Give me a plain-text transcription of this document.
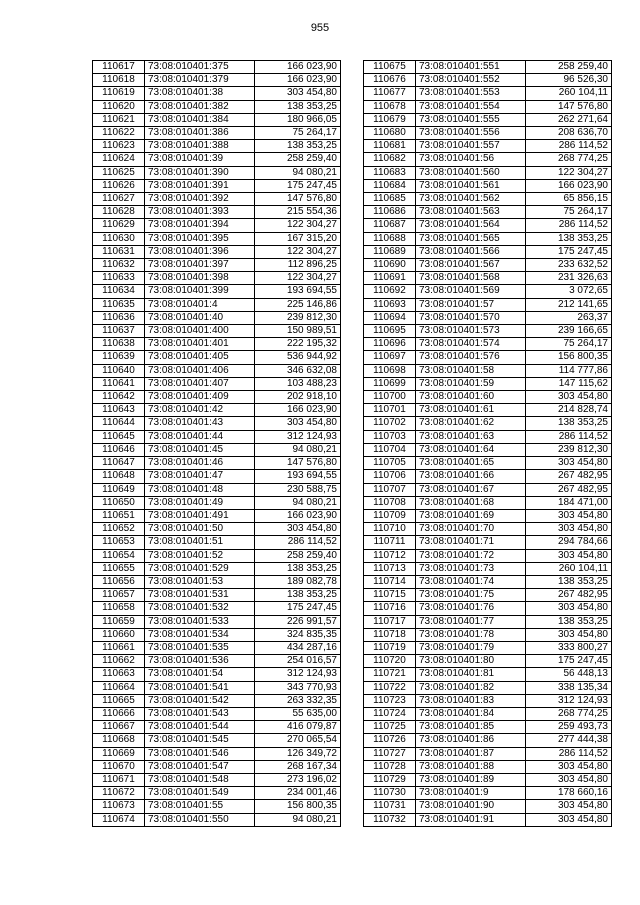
955
110617	73:08:010401:375	166 023,90
110618	73:08:010401:379	166 023,90
110619	73:08:010401:38	303 454,80
110620	73:08:010401:382	138 353,25
110621	73:08:010401:384	180 966,05
110622	73:08:010401:386	75 264,17
110623	73:08:010401:388	138 353,25
110624	73:08:010401:39	258 259,40
110625	73:08:010401:390	94 080,21
110626	73:08:010401:391	175 247,45
110627	73:08:010401:392	147 576,80
110628	73:08:010401:393	215 554,36
110629	73:08:010401:394	122 304,27
110630	73:08:010401:395	167 315,20
110631	73:08:010401:396	122 304,27
110632	73:08:010401:397	112 896,25
110633	73:08:010401:398	122 304,27
110634	73:08:010401:399	193 694,55
110635	73:08:010401:4	225 146,86
110636	73:08:010401:40	239 812,30
110637	73:08:010401:400	150 989,51
110638	73:08:010401:401	222 195,32
110639	73:08:010401:405	536 944,92
110640	73:08:010401:406	346 632,08
110641	73:08:010401:407	103 488,23
110642	73:08:010401:409	202 918,10
110643	73:08:010401:42	166 023,90
110644	73:08:010401:43	303 454,80
110645	73:08:010401:44	312 124,93
110646	73:08:010401:45	94 080,21
110647	73:08:010401:46	147 576,80
110648	73:08:010401:47	193 694,55
110649	73:08:010401:48	230 588,75
110650	73:08:010401:49	94 080,21
110651	73:08:010401:491	166 023,90
110652	73:08:010401:50	303 454,80
110653	73:08:010401:51	286 114,52
110654	73:08:010401:52	258 259,40
110655	73:08:010401:529	138 353,25
110656	73:08:010401:53	189 082,78
110657	73:08:010401:531	138 353,25
110658	73:08:010401:532	175 247,45
110659	73:08:010401:533	226 991,57
110660	73:08:010401:534	324 835,35
110661	73:08:010401:535	434 287,16
110662	73:08:010401:536	254 016,57
110663	73:08:010401:54	312 124,93
110664	73:08:010401:541	343 770,93
110665	73:08:010401:542	263 332,35
110666	73:08:010401:543	55 635,00
110667	73:08:010401:544	416 079,87
110668	73:08:010401:545	270 065,54
110669	73:08:010401:546	126 349,72
110670	73:08:010401:547	268 167,34
110671	73:08:010401:548	273 196,02
110672	73:08:010401:549	234 001,46
110673	73:08:010401:55	156 800,35
110674	73:08:010401:550	94 080,21
110675	73:08:010401:551	258 259,40
110676	73:08:010401:552	96 526,30
110677	73:08:010401:553	260 104,11
110678	73:08:010401:554	147 576,80
110679	73:08:010401:555	262 271,64
110680	73:08:010401:556	208 636,70
110681	73:08:010401:557	286 114,52
110682	73:08:010401:56	268 774,25
110683	73:08:010401:560	122 304,27
110684	73:08:010401:561	166 023,90
110685	73:08:010401:562	65 856,15
110686	73:08:010401:563	75 264,17
110687	73:08:010401:564	286 114,52
110688	73:08:010401:565	138 353,25
110689	73:08:010401:566	175 247,45
110690	73:08:010401:567	233 632,52
110691	73:08:010401:568	231 326,63
110692	73:08:010401:569	3 072,65
110693	73:08:010401:57	212 141,65
110694	73:08:010401:570	263,37
110695	73:08:010401:573	239 166,65
110696	73:08:010401:574	75 264,17
110697	73:08:010401:576	156 800,35
110698	73:08:010401:58	114 777,86
110699	73:08:010401:59	147 115,62
110700	73:08:010401:60	303 454,80
110701	73:08:010401:61	214 828,74
110702	73:08:010401:62	138 353,25
110703	73:08:010401:63	286 114,52
110704	73:08:010401:64	239 812,30
110705	73:08:010401:65	303 454,80
110706	73:08:010401:66	267 482,95
110707	73:08:010401:67	267 482,95
110708	73:08:010401:68	184 471,00
110709	73:08:010401:69	303 454,80
110710	73:08:010401:70	303 454,80
110711	73:08:010401:71	294 784,66
110712	73:08:010401:72	303 454,80
110713	73:08:010401:73	260 104,11
110714	73:08:010401:74	138 353,25
110715	73:08:010401:75	267 482,95
110716	73:08:010401:76	303 454,80
110717	73:08:010401:77	138 353,25
110718	73:08:010401:78	303 454,80
110719	73:08:010401:79	333 800,27
110720	73:08:010401:80	175 247,45
110721	73:08:010401:81	56 448,13
110722	73:08:010401:82	338 135,34
110723	73:08:010401:83	312 124,93
110724	73:08:010401:84	268 774,25
110725	73:08:010401:85	259 493,73
110726	73:08:010401:86	277 444,38
110727	73:08:010401:87	286 114,52
110728	73:08:010401:88	303 454,80
110729	73:08:010401:89	303 454,80
110730	73:08:010401:9	178 660,16
110731	73:08:010401:90	303 454,80
110732	73:08:010401:91	303 454,80
